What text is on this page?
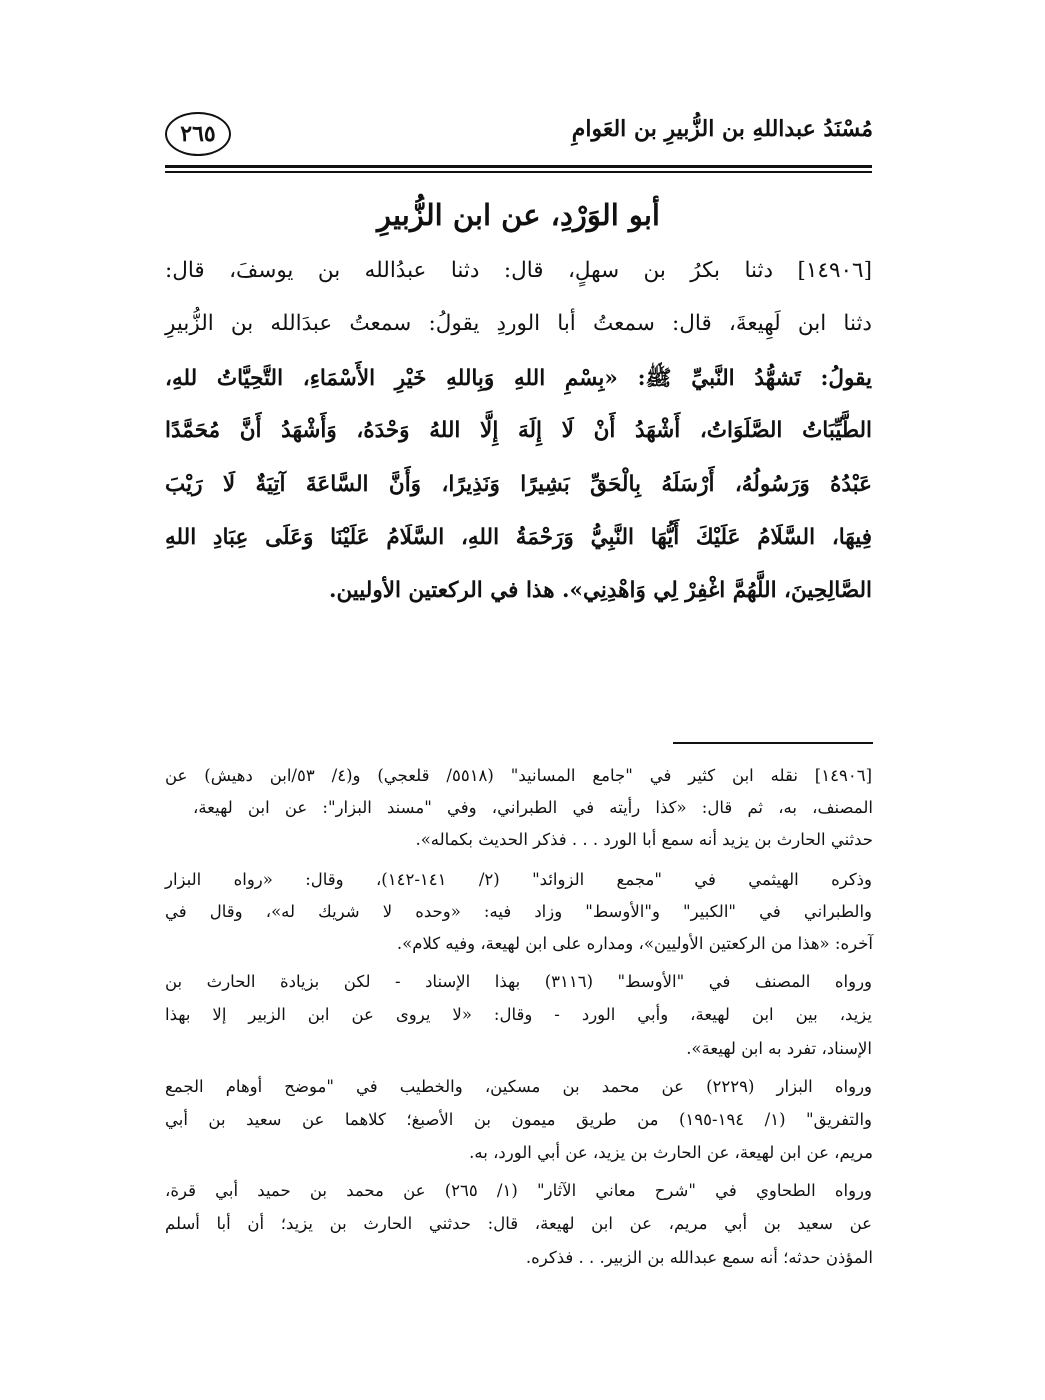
مُسْنَدُ عبداللهِ بن الزُّبيرِ بن العَوامِ
٢٦٥
أبو الوَرْدِ، عن ابن الزُّبيرِ
[١٤٩٠٦] دثنا بكرُ بن سهلٍ، قال: دثنا عبدُالله بن يوسفَ، قال:
دثنا ابن لَهِيعةَ، قال: سمعتُ أبا الوردِ يقولُ: سمعتُ عبدَالله بن الزُّبيرِ
يقولُ: تَشهُّدُ النَّبيِّ ﷺ: «بِسْمِ اللهِ وَبِاللهِ خَيْرِ الأَسْمَاءِ، التَّحِيَّاتُ للهِ،
الطَّيِّبَاتُ الصَّلَوَاتُ، أَشْهَدُ أَنْ لَا إِلَهَ إِلَّا اللهُ وَحْدَهُ، وَأَشْهَدُ أَنَّ مُحَمَّدًا
عَبْدُهُ وَرَسُولُهُ، أَرْسَلَهُ بِالْحَقِّ بَشِيرًا وَنَذِيرًا، وَأَنَّ السَّاعَةَ آتِيَةٌ لَا رَيْبَ
فِيهَا، السَّلَامُ عَلَيْكَ أَيُّهَا النَّبِيُّ وَرَحْمَةُ اللهِ، السَّلَامُ عَلَيْنَا وَعَلَى عِبَادِ اللهِ
الصَّالِحِينَ، اللَّهُمَّ اغْفِرْ لِي وَاهْدِنِي». هذا في الركعتين الأوليين.
[١٤٩٠٦] نقله ابن كثير في "جامع المسانيد" (٥٥١٨/ قلعجي) و(٤/ ٥٣/ابن دهيش) عن
المصنف، به، ثم قال: «كذا رأيته في الطبراني، وفي "مسند البزار": عن ابن لهيعة،
حدثني الحارث بن يزيد أنه سمع أبا الورد . . . فذكر الحديث بكماله».
وذكره الهيثمي في "مجمع الزوائد" (٢/ ١٤١-١٤٢)، وقال: «رواه البزار
والطبراني في "الكبير" و"الأوسط" وزاد فيه: «وحده لا شريك له»، وقال في
آخره: «هذا من الركعتين الأوليين»، ومداره على ابن لهيعة، وفيه كلام».
ورواه المصنف في "الأوسط" (٣١١٦) بهذا الإسناد - لكن بزيادة الحارث بن
يزيد، بين ابن لهيعة، وأبي الورد - وقال: «لا يروى عن ابن الزبير إلا بهذا
الإسناد، تفرد به ابن لهيعة».
ورواه البزار (٢٢٢٩) عن محمد بن مسكين، والخطيب في "موضح أوهام الجمع
والتفريق" (١/ ١٩٤-١٩٥) من طريق ميمون بن الأصبغ؛ كلاهما عن سعيد بن أبي
مريم، عن ابن لهيعة، عن الحارث بن يزيد، عن أبي الورد، به.
ورواه الطحاوي في "شرح معاني الآثار" (١/ ٢٦٥) عن محمد بن حميد أبي قرة،
عن سعيد بن أبي مريم، عن ابن لهيعة، قال: حدثني الحارث بن يزيد؛ أن أبا أسلم
المؤذن حدثه؛ أنه سمع عبدالله بن الزبير. . . فذكره.
